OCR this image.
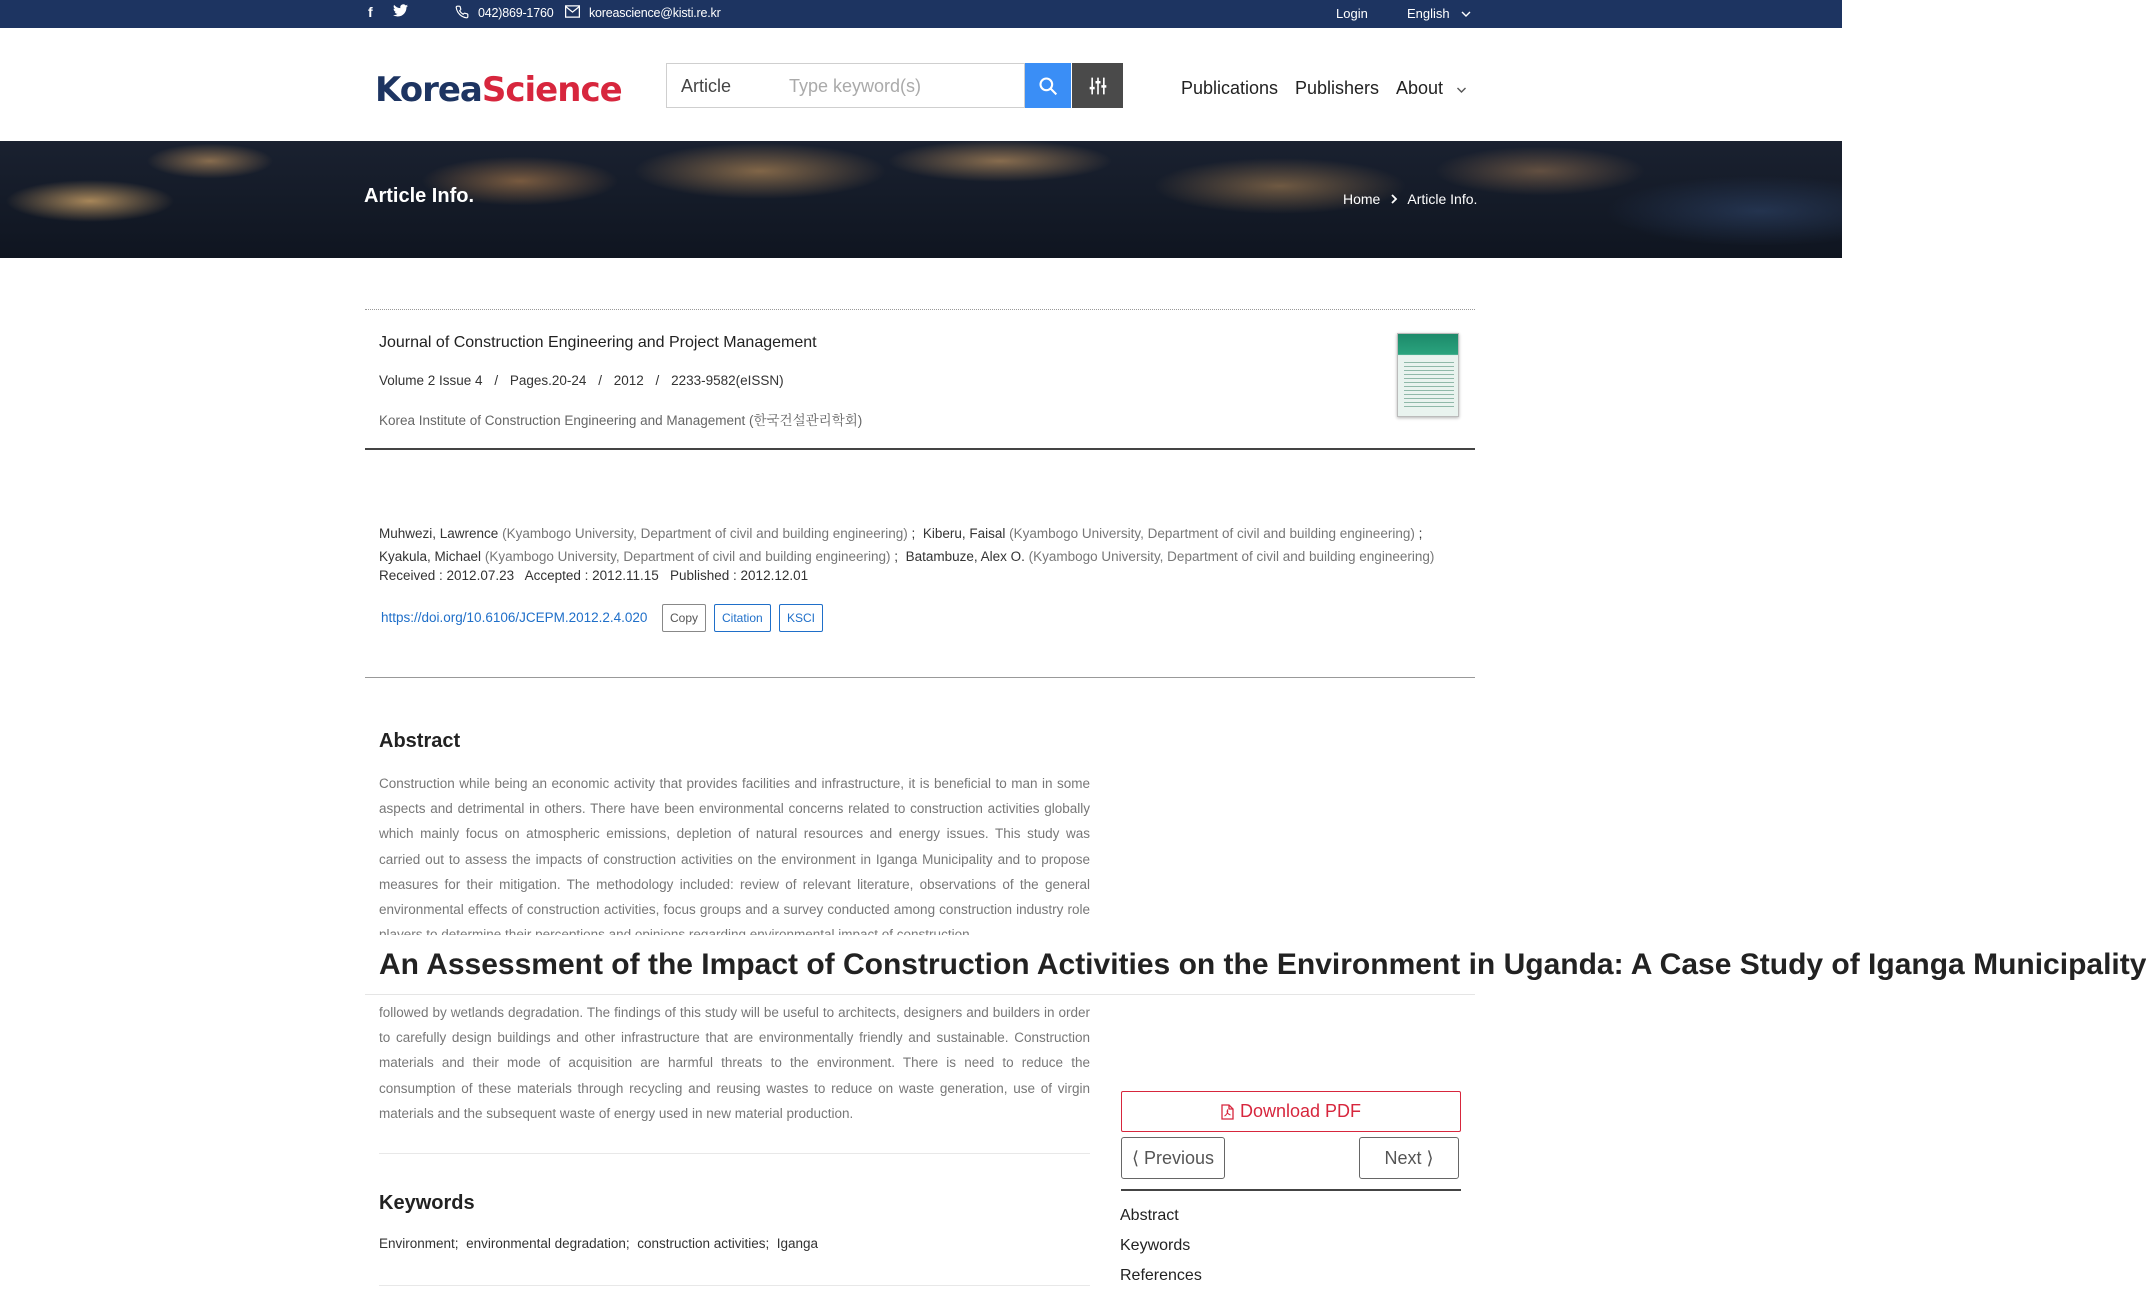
f	042)869-1760	koreascience@kisti.re.kr	Login	English
KoreaScience	Article	Type keyword(s)	Publications Publishers About
Article Info.	Home Article Info.
Journal of Construction Engineering and Project Management
Volume 2 Issue 4 / Pages.20-24 / 2012 / 2233-9582(eISSN)
Korea Institute of Construction Engineering and Management (한국건설관리학회)
Muhwezi, Lawrence (Kyambogo University, Department of civil and building engineering) ;  Kiberu, Faisal (Kyambogo University, Department of civil and building engineering) ;
Kyakula, Michael (Kyambogo University, Department of civil and building engineering) ;  Batambuze, Alex O. (Kyambogo University, Department of civil and building engineering)
Received : 2012.07.23 Accepted : 2012.11.15 Published : 2012.12.01
https://doi.org/10.6106/JCEPM.2012.2.4.020	Copy	Citation	KSCI
Abstract
Construction while being an economic activity that provides facilities and infrastructure, it is beneficial to man in some aspects and detrimental in others. There have been environmental concerns related to construction activities globally which mainly focus on atmospheric emissions, depletion of natural resources and energy issues. This study was carried out to assess the impacts of construction activities on the environment in Iganga Municipality and to propose measures for their mitigation. The methodology included: review of relevant literature, observations of the general environmental effects of construction activities, focus groups and a survey conducted among construction industry role
followed by wetlands degradation. The findings of this study will be useful to architects, designers and builders in order to carefully design buildings and other infrastructure that are environmentally friendly and sustainable. Construction materials and their mode of acquisition are harmful threats to the environment. There is need to reduce the consumption of these materials through recycling and reusing wastes to reduce on waste generation, use of virgin materials and the subsequent waste of energy used in new material production.
An Assessment of the Impact of Construction Activities on the Environment in Uganda: A Case Study of Iganga Municipality
Keywords
Environment; environmental degradation; construction activities; Iganga
Download PDF
⟨ Previous	Next ⟩
Abstract
Keywords
References
